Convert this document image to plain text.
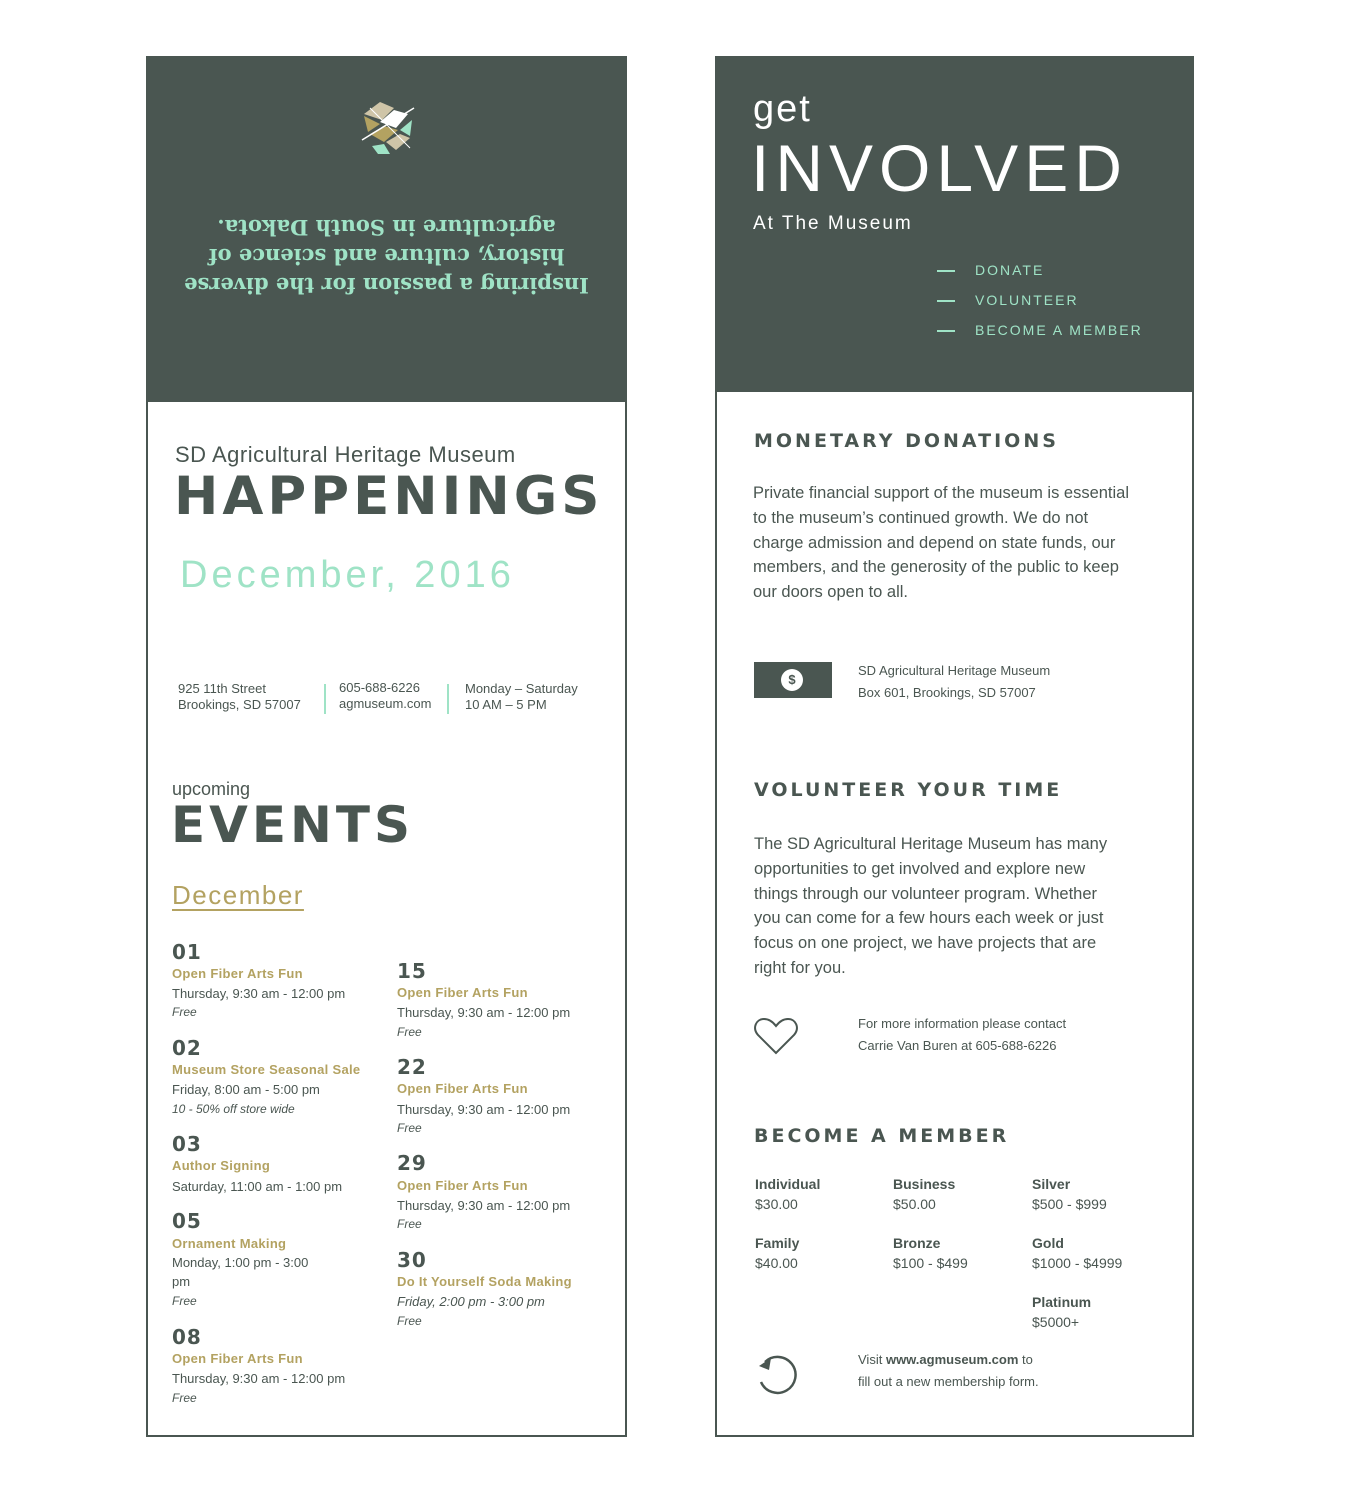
Inspiring a passion for the diverse
history, culture and science of
agriculture in South Dakota.
SD Agricultural Heritage Museum
HAPPENINGS
December, 2016
925 11th Street
Brookings, SD 57007
605-688-6226
agmuseum.com
Monday – Saturday
10 AM – 5 PM
upcoming
EVENTS
December
01
Open Fiber Arts Fun
Thursday, 9:30 am - 12:00 pm
Free
02
Museum Store Seasonal Sale
Friday, 8:00 am - 5:00 pm
10 - 50% off store wide
03
Author Signing
Saturday, 11:00 am - 1:00 pm
05
Ornament Making
Monday, 1:00 pm - 3:00
pm
Free
08
Open Fiber Arts Fun
Thursday, 9:30 am - 12:00 pm
Free
15
Open Fiber Arts Fun
Thursday, 9:30 am - 12:00 pm
Free
22
Open Fiber Arts Fun
Thursday, 9:30 am - 12:00 pm
Free
29
Open Fiber Arts Fun
Thursday, 9:30 am - 12:00 pm
Free
30
Do It Yourself Soda Making
Friday, 2:00 pm - 3:00 pm
Free
get
INVOLVED
At The Museum
DONATE
VOLUNTEER
BECOME A MEMBER
MONETARY DONATIONS
Private financial support of the museum is essential
to the museum’s continued growth. We do not
charge admission and depend on state funds, our
members, and the generosity of the public to keep
our doors open to all.
$
SD Agricultural Heritage Museum
Box 601, Brookings, SD 57007
VOLUNTEER YOUR TIME
The SD Agricultural Heritage Museum has many
opportunities to get involved and explore new
things through our volunteer program. Whether
you can come for a few hours each week or just
focus on one project, we have projects that are
right for you.
For more information please contact
Carrie Van Buren at 605-688-6226
BECOME A MEMBER
Individual
$30.00
Business
$50.00
Silver
$500 - $999
Family
$40.00
Bronze
$100 - $499
Gold
$1000 - $4999
Platinum
$5000+
Visit www.agmuseum.com to
fill out a new membership form.
